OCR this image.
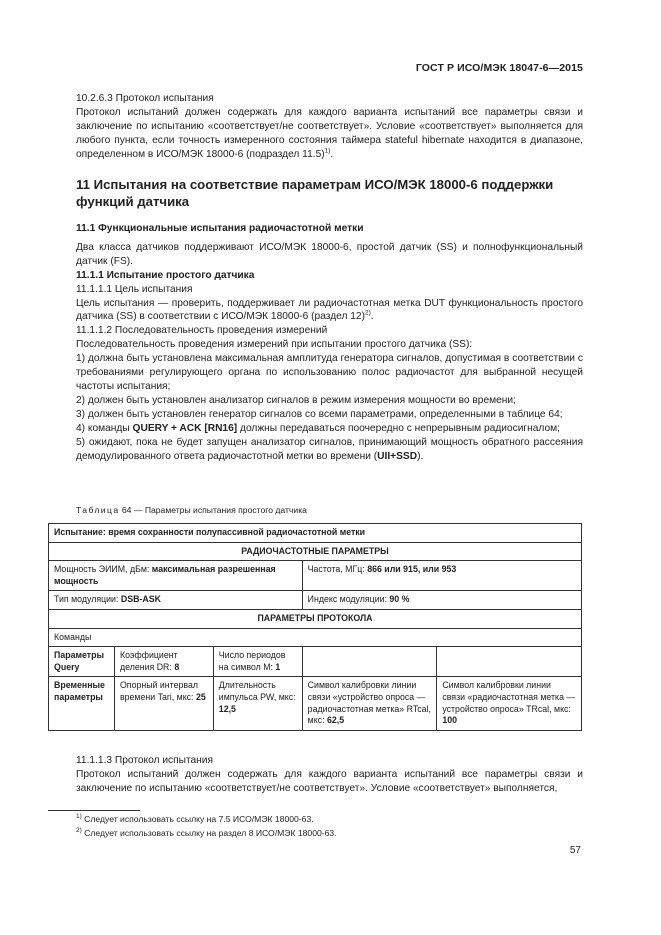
ГОСТ Р ИСО/МЭК 18047-6—2015

10.2.6.3 Протокол испытания

Протокол испытаний должен содержать для каждого варианта испытаний все параметры связи и заключение по испытанию «соответствует/не соответствует». Условие «соответствует» выполняется для любого пункта, если точность измеренного состояния таймера stateful hibernate находится в диапазоне, определенном в ИСО/МЭК 18000-6 (подраздел 11.5)$^{1)}$.

11 Испытания на соответствие параметрам ИСО/МЭК 18000-6 поддержки функций датчика

11.1 Функциональные испытания радиочастотной метки

Два класса датчиков поддерживают ИСО/МЭК 18000-6, простой датчик (SS) и полнофункциональный датчик (FS).

11.1.1 Испытание простого датчика

11.1.1.1 Цель испытания

Цель испытания — проверить, поддерживает ли радиочастотная метка DUT функциональность простого датчика (SS) в соответствии с ИСО/МЭК 18000-6 (раздел 12)$^{2)}$.

11.1.1.2 Последовательность проведения измерений

Последовательность проведения измерений при испытании простого датчика (SS):

1) должна быть установлена максимальная амплитуда генератора сигналов, допустимая в соответствии с требованиями регулирующего органа по использованию полос радиочастот для выбранной несущей частоты испытания;

2) должен быть установлен анализатор сигналов в режим измерения мощности во времени;

3) должен быть установлен генератор сигналов со всеми параметрами, определенными в таблице 64;

4) команды QUERY + ACK [RN16] должны передаваться поочередно с непрерывным радиосигналом;

5) ожидают, пока не будет запущен анализатор сигналов, принимающий мощность обратного рассеяния демодулированного ответа радиочастотной метки во времени (UII+SSD).

Таблица 64 — Параметры испытания простого датчика
Испытание: время сохранности полупассивной радиочастотной метки				
РАДИОЧАСТОТНЫЕ ПАРАМЕТРЫ				
Мощность ЭИИМ, дБм: максимальная разрешенная мощность			Частота, МГц: 866 или 915, или 953	
Тип модуляции: DSB-ASK			Индекс модуляции: 90 %	
ПАРАМЕТРЫ ПРОТОКОЛА				
Команды				
Параметры Query	Коэффициент деления DR: 8	Число периодов на символ M: 1		
Временные параметры	Опорный интервал времени Tari, мкс: 25	Длительность импульса PW, мкс: 12,5	Символ калибровки линии связи «устройство опроса — радиочастотная метка» RTcal, мкс: 62,5	Символ калибровки линии связи «радиочастотная метка — устройство опроса» TRcal, мкс: 100

11.1.1.3 Протокол испытания

Протокол испытаний должен содержать для каждого варианта испытаний все параметры связи и заключение по испытанию «соответствует/не соответствует». Условие «соответствует» выполняется,

$^{1)}$ Следует использовать ссылку на 7.5 ИСО/МЭК 18000-63.
$^{2)}$ Следует использовать ссылку на раздел 8 ИСО/МЭК 18000-63.
57
